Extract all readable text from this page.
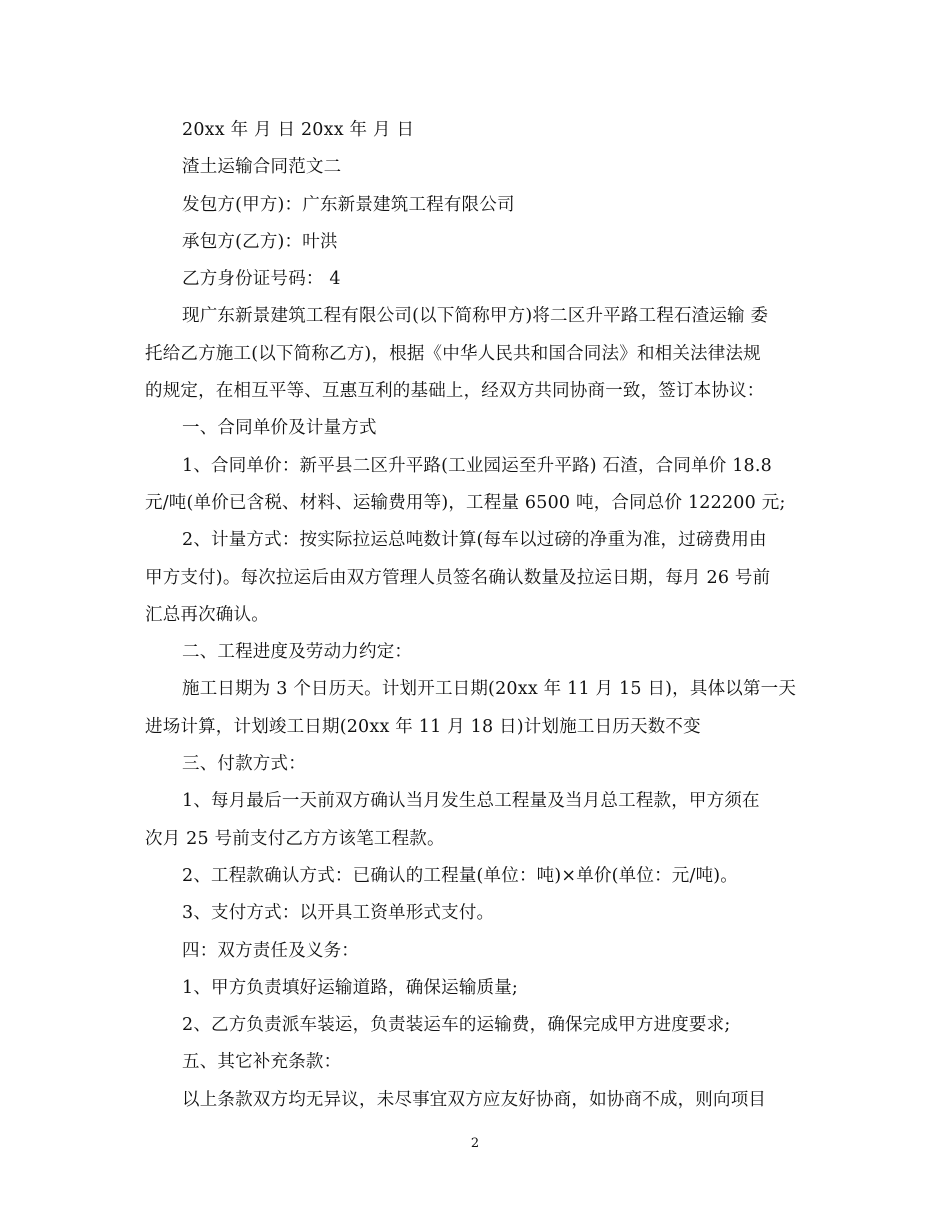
20xx 年 月 日 20xx 年 月 日
渣土运输合同范文二
发包方(甲方)：广东新景建筑工程有限公司
承包方(乙方)：叶洪
乙方身份证号码： 4
现广东新景建筑工程有限公司(以下简称甲方)将二区升平路工程石渣运输 委
托给乙方施工(以下简称乙方)，根据《中华人民共和国合同法》和相关法律法规
的规定，在相互平等、互惠互利的基础上，经双方共同协商一致，签订本协议：
一、合同单价及计量方式
1、合同单价：新平县二区升平路(工业园运至升平路) 石渣，合同单价 18.8
元/吨(单价已含税、材料、运输费用等)，工程量 6500 吨，合同总价 122200 元;
2、计量方式：按实际拉运总吨数计算(每车以过磅的净重为准，过磅费用由
甲方支付)。每次拉运后由双方管理人员签名确认数量及拉运日期，每月 26 号前
汇总再次确认。
二、工程进度及劳动力约定：
施工日期为 3 个日历天。计划开工日期(20xx 年 11 月 15 日)，具体以第一天
进场计算，计划竣工日期(20xx 年 11 月 18 日)计划施工日历天数不变
三、付款方式：
1、每月最后一天前双方确认当月发生总工程量及当月总工程款，甲方须在
次月 25 号前支付乙方方该笔工程款。
2、工程款确认方式：已确认的工程量(单位：吨)×单价(单位：元/吨)。
3、支付方式：以开具工资单形式支付。
四：双方责任及义务：
1、甲方负责填好运输道路，确保运输质量;
2、乙方负责派车装运，负责装运车的运输费，确保完成甲方进度要求;
五、其它补充条款：
以上条款双方均无异议，未尽事宜双方应友好协商，如协商不成，则向项目
2
